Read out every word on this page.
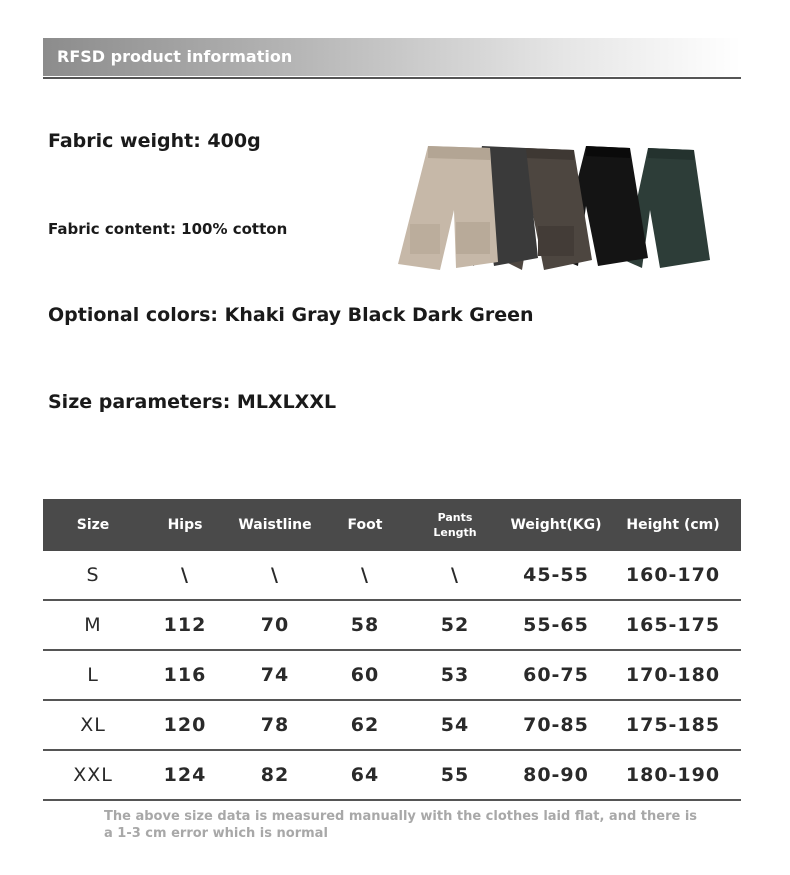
RFSD product information
Fabric weight: 400g
Fabric content: 100% cotton
Optional colors: Khaki Gray Black Dark Green
Size parameters: MLXLXXL
Size	Hips	Waistline	Foot	Pants Length	Weight(KG)	Height (cm)
S	\	\	\	\	45-55	160-170
M	112	70	58	52	55-65	165-175
L	116	74	60	53	60-75	170-180
XL	120	78	62	54	70-85	175-185
XXL	124	82	64	55	80-90	180-190
The above size data is measured manually with the clothes laid flat, and there is a 1-3 cm error which is normal
